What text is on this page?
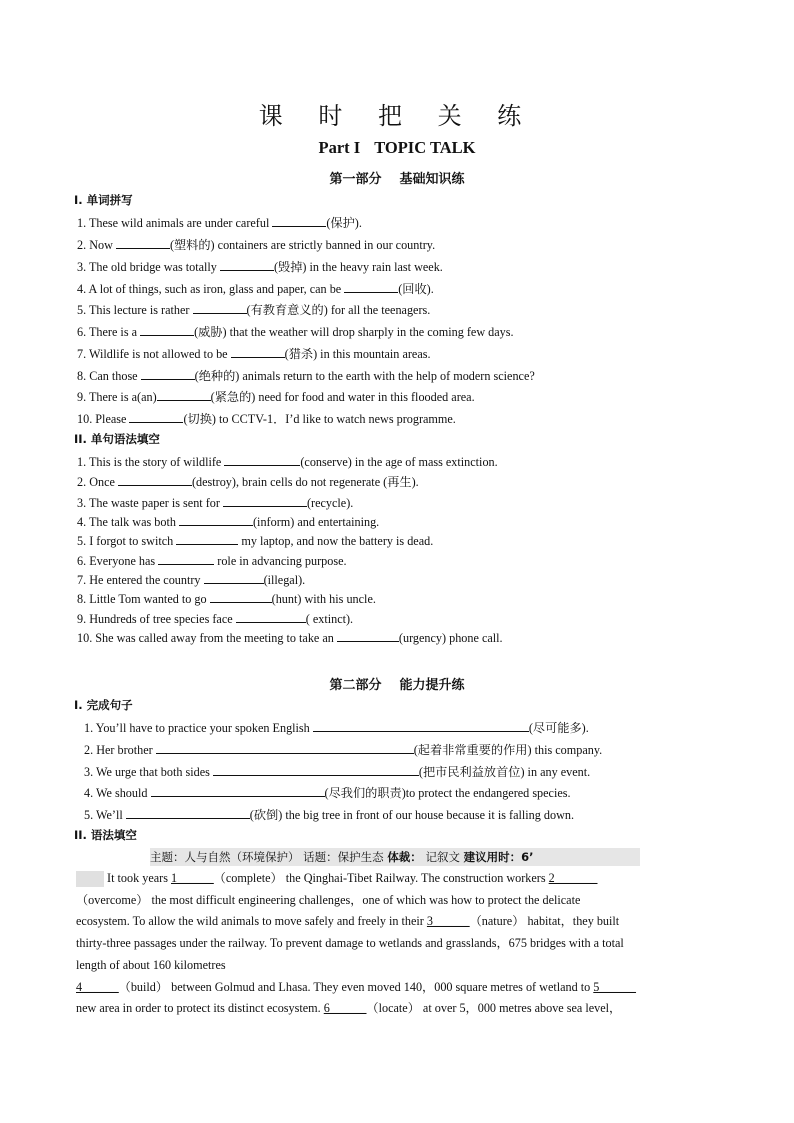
课 时 把 关 练
Part I TOPIC TALK
第一部分 基础知识练
I. 单词拼写
1. These wild animals are under careful	(保护).
2. Now	(塑料的) containers are strictly banned in our country.
3. The old bridge was totally	(毁掉) in the heavy rain last week.
4. A lot of things, such as iron, glass and paper, can be	(回收).
5. This lecture is rather	(有教育意义的) for all the teenagers.
6. There is a	(威胁) that the weather will drop sharply in the coming few days.
7. Wildlife is not allowed to be	(猎杀) in this mountain areas.
8. Can those	(绝种的) animals return to the earth with the help of modern science?
9. There is a(an)	(紧急的) need for food and water in this flooded area.
10. Please	(切换) to CCTV-1．I’d like to watch news programme.
II. 单句语法填空
1. This is the story of wildlife	(conserve) in the age of mass extinction.
2. Once	(destroy), brain cells do not regenerate (再生).
3. The waste paper is sent for	(recycle).
4. The talk was both	(inform) and entertaining.
5. I forgot to switch	my laptop, and now the battery is dead.
6. Everyone has	role in advancing purpose.
7. He entered the country	(illegal).
8. Little Tom wanted to go	(hunt) with his uncle.
9. Hundreds of tree species face	( extinct).
10. She was called away from the meeting to take an	(urgency) phone call.
第二部分 能力提升练
I. 完成句子
1. You’ll have to practice your spoken English	(尽可能多).
2. Her brother	(起着非常重要的作用) this company.
3. We urge that both sides	(把市民利益放首位) in any event.
4. We should	(尽我们的职责)to protect the endangered species.
5. We’ll	(砍倒) the big tree in front of our house because it is falling down.
II. 语法填空
主题：人与自然（环境保护） 话题：保护生态 体裁： 记叙文 建议用时：6’
It took years 1______（complete） the Qinghai-Tibet Railway. The construction workers 2_______
（overcome） the most difficult engineering challenges，one of which was how to protect the delicate
ecosystem. To allow the wild animals to move safely and freely in their 3______（nature） habitat，they built
thirty-three passages under the railway. To prevent damage to wetlands and grasslands，675 bridges with a total
length of about 160 kilometres
4______（build） between Golmud and Lhasa. They even moved 140，000 square metres of wetland to 5______
new area in order to protect its distinct ecosystem. 6______（locate） at over 5，000 metres above sea level，
